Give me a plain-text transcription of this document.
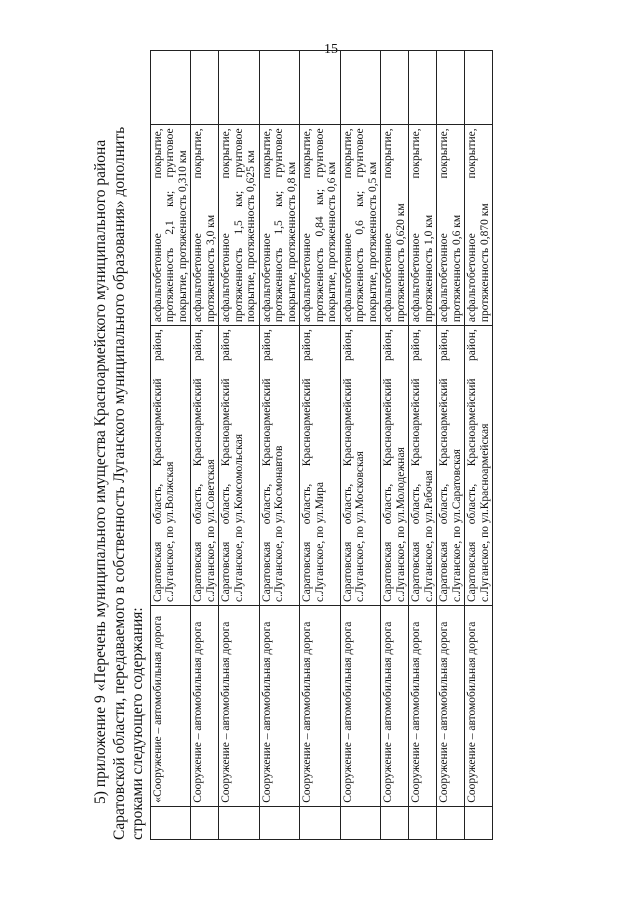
15
5) приложение 9 «Перечень муниципального имущества Красноармейского муниципального района Саратовской области, передаваемого в собственность Луганского муниципального образования» дополнить строками следующего содержания:
	«Сооружение – автомобильная дорога	Саратовская область, Красноармейский район, с.Луганское, по ул.Волжская	асфальтобетонное покрытие, протяженность 2,1 км; грунтовое покрытие, протяженность 0,310 км	
	Сооружение – автомобильная дорога	Саратовская область, Красноармейский район, с.Луганское, по ул.Советская	асфальтобетонное покрытие, протяженность 3,0 км	
	Сооружение – автомобильная дорога	Саратовская область, Красноармейский район, с.Луганское, по ул.Комсомольская	асфальтобетонное покрытие, протяженность 1,5 км; грунтовое покрытие, протяженность 0,625 км	
	Сооружение – автомобильная дорога	Саратовская область, Красноармейский район, с.Луганское, по ул.Космонавтов	асфальтобетонное покрытие, протяженность 1,5 км; грунтовое покрытие, протяженность 0,8 км	
	Сооружение – автомобильная дорога	Саратовская область, Красноармейский район, с.Луганское, по ул.Мира	асфальтобетонное покрытие, протяженность 0,84 км; грунтовое покрытие, протяженность 0,6 км	
	Сооружение – автомобильная дорога	Саратовская область, Красноармейский район, с.Луганское, по ул.Московская	асфальтобетонное покрытие, протяженность 0,6 км; грунтовое покрытие, протяженность 0,5 км	
	Сооружение – автомобильная дорога	Саратовская область, Красноармейский район, с.Луганское, по ул.Молодежная	асфальтобетонное покрытие, протяженность 0,620 км	
	Сооружение – автомобильная дорога	Саратовская область, Красноармейский район, с.Луганское, по ул.Рабочая	асфальтобетонное покрытие, протяженность 1,0 км	
	Сооружение – автомобильная дорога	Саратовская область, Красноармейский район, с.Луганское, по ул.Саратовская	асфальтобетонное покрытие, протяженность 0,6 км	
	Сооружение – автомобильная дорога	Саратовская область, Красноармейский район, с.Луганское, по ул.Красноармейская	асфальтобетонное покрытие, протяженность 0,870 км	
